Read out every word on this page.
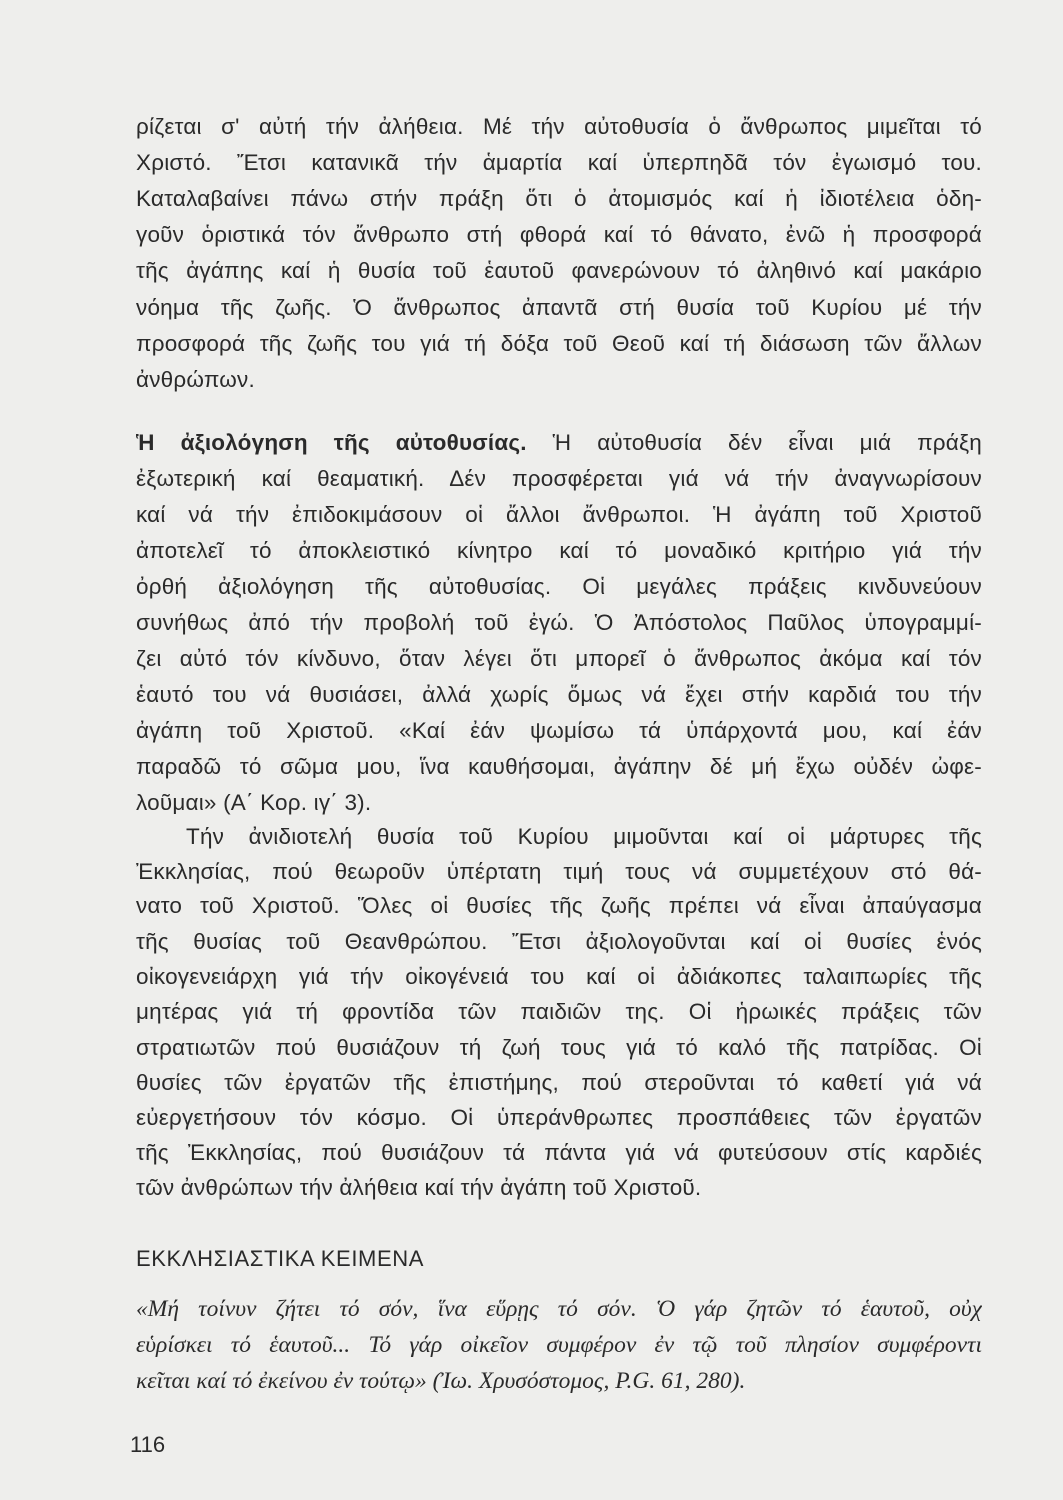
ρίζεται σ' αὐτή τήν ἀλήθεια. Μέ τήν αὐτοθυσία ὁ ἄνθρωπος μιμεῖται τό
Χριστό. Ἔτσι κατανικᾶ τήν ἁμαρτία καί ὑπερπηδᾶ τόν ἐγωισμό του.
Καταλαβαίνει πάνω στήν πράξη ὅτι ὁ ἀτομισμός καί ἡ ἰδιοτέλεια ὁδη-
γοῦν ὁριστικά τόν ἄνθρωπο στή φθορά καί τό θάνατο, ἐνῶ ἡ προσφορά
τῆς ἀγάπης καί ἡ θυσία τοῦ ἑαυτοῦ φανερώνουν τό ἀληθινό καί μακάριο
νόημα τῆς ζωῆς. Ὁ ἄνθρωπος ἀπαντᾶ στή θυσία τοῦ Κυρίου μέ τήν
προσφορά τῆς ζωῆς του γιά τή δόξα τοῦ Θεοῦ καί τή διάσωση τῶν ἄλλων
ἀνθρώπων.
Ἡ ἀξιολόγηση τῆς αὐτοθυσίας. Ἡ αὐτοθυσία δέν εἶναι μιά πράξη
ἐξωτερική καί θεαματική. Δέν προσφέρεται γιά νά τήν ἀναγνωρίσουν
καί νά τήν ἐπιδοκιμάσουν οἱ ἄλλοι ἄνθρωποι. Ἡ ἀγάπη τοῦ Χριστοῦ
ἀποτελεῖ τό ἀποκλειστικό κίνητρο καί τό μοναδικό κριτήριο γιά τήν
ὀρθή ἀξιολόγηση τῆς αὐτοθυσίας. Οἱ μεγάλες πράξεις κινδυνεύουν
συνήθως ἀπό τήν προβολή τοῦ ἐγώ. Ὁ Ἀπόστολος Παῦλος ὑπογραμμί-
ζει αὐτό τόν κίνδυνο, ὅταν λέγει ὅτι μπορεῖ ὁ ἄνθρωπος ἀκόμα καί τόν
ἑαυτό του νά θυσιάσει, ἀλλά χωρίς ὅμως νά ἔχει στήν καρδιά του τήν
ἀγάπη τοῦ Χριστοῦ. «Καί ἐάν ψωμίσω τά ὑπάρχοντά μου, καί ἐάν
παραδῶ τό σῶμα μου, ἵνα καυθήσομαι, ἀγάπην δέ μή ἔχω οὐδέν ὠφε-
λοῦμαι» (Α΄ Κορ. ιγ΄ 3).
Τήν ἀνιδιοτελή θυσία τοῦ Κυρίου μιμοῦνται καί οἱ μάρτυρες τῆς
Ἐκκλησίας, πού θεωροῦν ὑπέρτατη τιμή τους νά συμμετέχουν στό θά-
νατο τοῦ Χριστοῦ. Ὅλες οἱ θυσίες τῆς ζωῆς πρέπει νά εἶναι ἀπαύγασμα
τῆς θυσίας τοῦ Θεανθρώπου. Ἔτσι ἀξιολογοῦνται καί οἱ θυσίες ἑνός
οἰκογενειάρχη γιά τήν οἰκογένειά του καί οἱ ἀδιάκοπες ταλαιπωρίες τῆς
μητέρας γιά τή φροντίδα τῶν παιδιῶν της. Οἱ ἡρωικές πράξεις τῶν
στρατιωτῶν πού θυσιάζουν τή ζωή τους γιά τό καλό τῆς πατρίδας. Οἱ
θυσίες τῶν ἐργατῶν τῆς ἐπιστήμης, πού στεροῦνται τό καθετί γιά νά
εὐεργετήσουν τόν κόσμο. Οἱ ὑπεράνθρωπες προσπάθειες τῶν ἐργατῶν
τῆς Ἐκκλησίας, πού θυσιάζουν τά πάντα γιά νά φυτεύσουν στίς καρδιές
τῶν ἀνθρώπων τήν ἀλήθεια καί τήν ἀγάπη τοῦ Χριστοῦ.
ΕΚΚΛΗΣΙΑΣΤΙΚΑ ΚΕΙΜΕΝΑ
«Μή τοίνυν ζήτει τό σόν, ἵνα εὕρῃς τό σόν. Ὁ γάρ ζητῶν τό ἑαυτοῦ, οὐχ
εὑρίσκει τό ἑαυτοῦ... Τό γάρ οἰκεῖον συμφέρον ἐν τῷ τοῦ πλησίον συμφέροντι
κεῖται καί τό ἐκείνου ἐν τούτῳ» (Ἰω. Χρυσόστομος, P.G. 61, 280).
116
